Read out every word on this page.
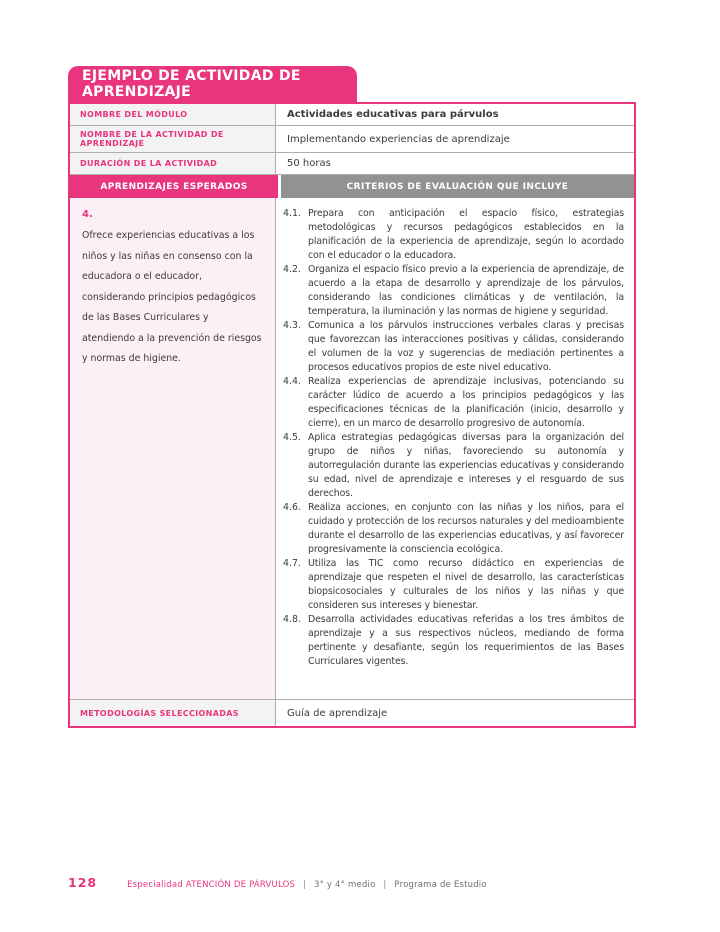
EJEMPLO DE ACTIVIDAD DE APRENDIZAJE
NOMBRE DEL MÓDULO	Actividades educativas para párvulos
NOMBRE DE LA ACTIVIDAD DE APRENDIZAJE	Implementando experiencias de aprendizaje
DURACIÓN DE LA ACTIVIDAD	50 horas
APRENDIZAJES ESPERADOS	CRITERIOS DE EVALUACIÓN QUE INCLUYE
4.
Ofrece experiencias educativas a los niños y las niñas en consenso con la educadora o el educador, considerando principios pedagógicos de las Bases Curriculares y atendiendo a la prevención de riesgos y normas de higiene.
4.1. Prepara con anticipación el espacio físico, estrategias metodológicas y recursos pedagógicos establecidos en la planificación de la experiencia de aprendizaje, según lo acordado con el educador o la educadora.
4.2. Organiza el espacio físico previo a la experiencia de aprendizaje, de acuerdo a la etapa de desarrollo y aprendizaje de los párvulos, considerando las condiciones climáticas y de ventilación, la temperatura, la iluminación y las normas de higiene y seguridad.
4.3. Comunica a los párvulos instrucciones verbales claras y precisas que favorezcan las interacciones positivas y cálidas, considerando el volumen de la voz y sugerencias de mediación pertinentes a procesos educativos propios de este nivel educativo.
4.4. Realiza experiencias de aprendizaje inclusivas, potenciando su carácter lúdico de acuerdo a los principios pedagógicos y las especificaciones técnicas de la planificación (inicio, desarrollo y cierre), en un marco de desarrollo progresivo de autonomía.
4.5. Aplica estrategias pedagógicas diversas para la organización del grupo de niños y niñas, favoreciendo su autonomía y autorregulación durante las experiencias educativas y considerando su edad, nivel de aprendizaje e intereses y el resguardo de sus derechos.
4.6. Realiza acciones, en conjunto con las niñas y los niños, para el cuidado y protección de los recursos naturales y del medioambiente durante el desarrollo de las experiencias educativas, y así favorecer progresivamente la consciencia ecológica.
4.7. Utiliza las TIC como recurso didáctico en experiencias de aprendizaje que respeten el nivel de desarrollo, las características biopsicosociales y culturales de los niños y las niñas y que consideren sus intereses y bienestar.
4.8. Desarrolla actividades educativas referidas a los tres ámbitos de aprendizaje y a sus respectivos núcleos, mediando de forma pertinente y desafiante, según los requerimientos de las Bases Curriculares vigentes.
METODOLOGÍAS SELECCIONADAS	Guía de aprendizaje
128	Especialidad ATENCIÓN DE PÁRVULOS | 3° y 4° medio | Programa de Estudio
